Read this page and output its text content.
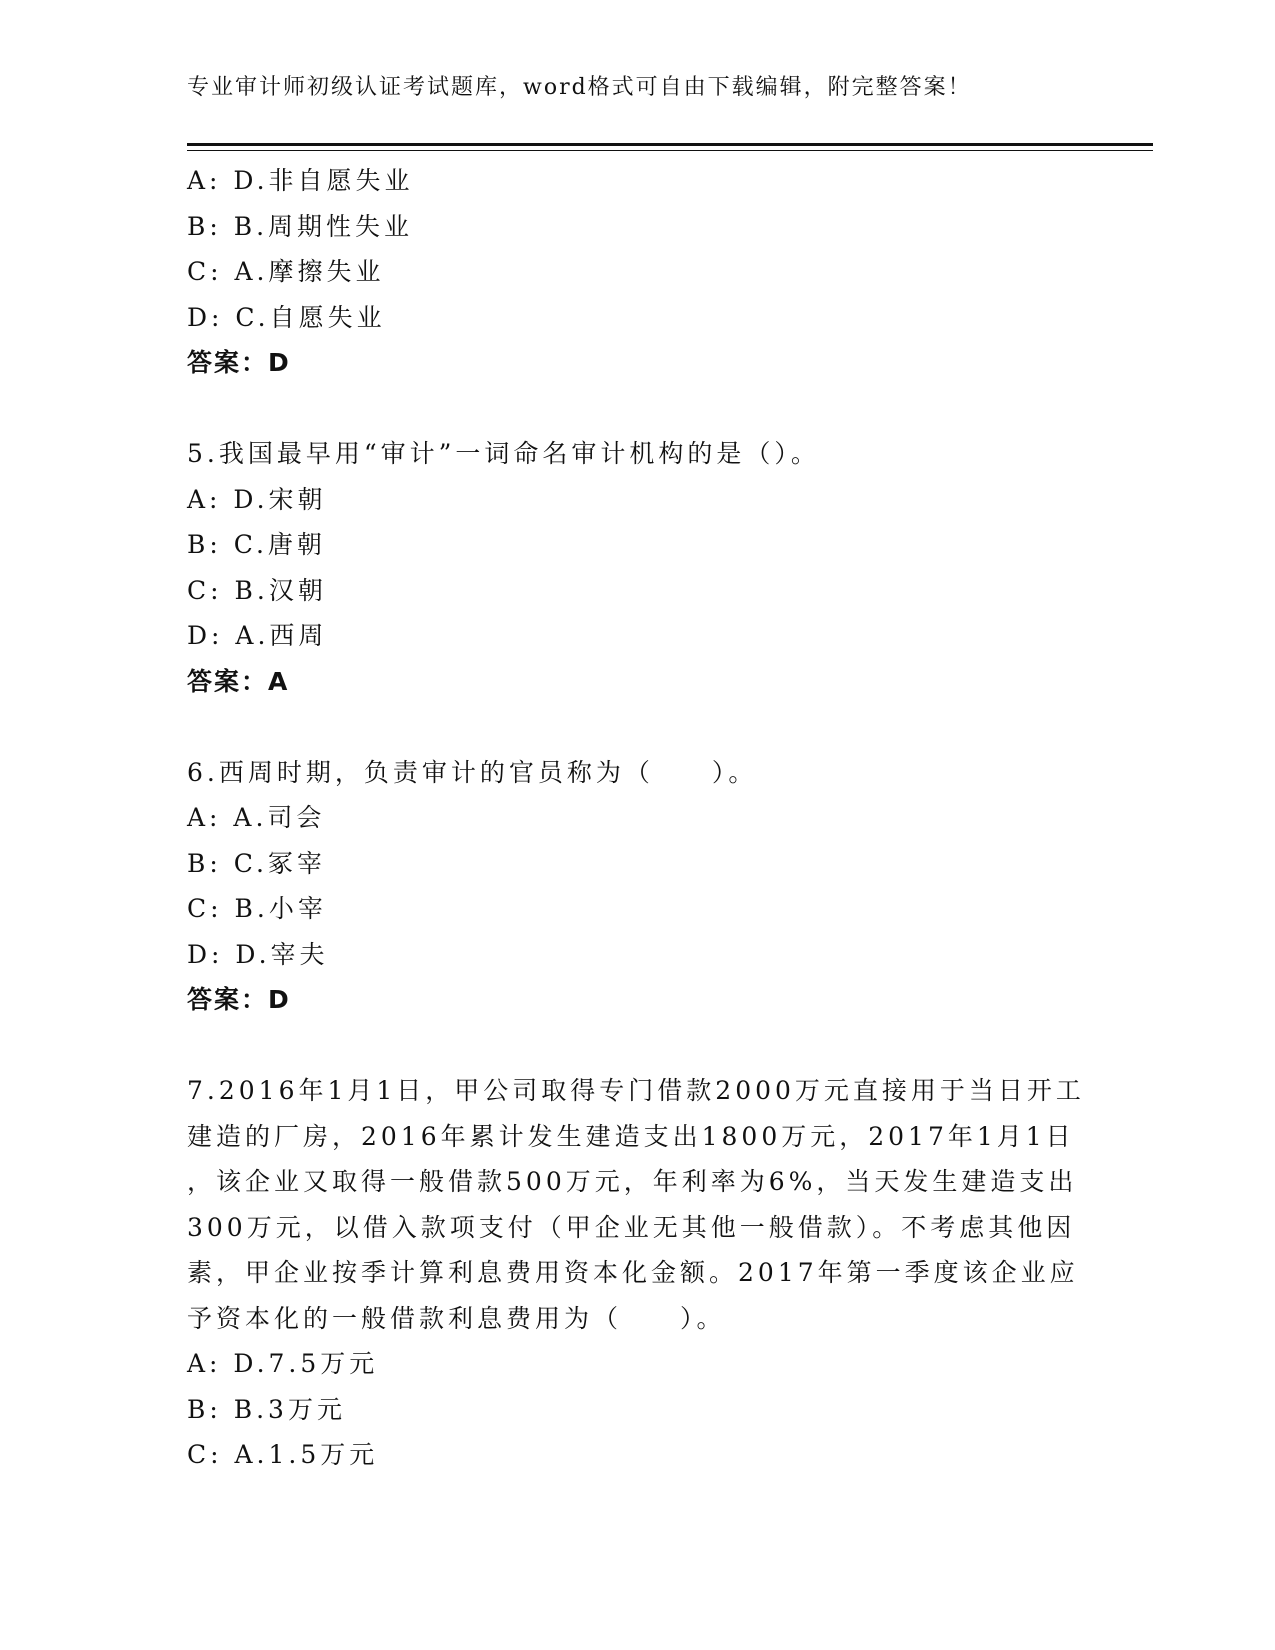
专业审计师初级认证考试题库，word格式可自由下载编辑，附完整答案！
A: D.非自愿失业
B: B.周期性失业
C: A.摩擦失业
D: C.自愿失业
答案：D
5.我国最早用“审计”一词命名审计机构的是（）。
A: D.宋朝
B: C.唐朝
C: B.汉朝
D: A.西周
答案：A
6.西周时期，负责审计的官员称为（　　）。
A: A.司会
B: C.冢宰
C: B.小宰
D: D.宰夫
答案：D
7.2016年1月1日，甲公司取得专门借款2000万元直接用于当日开工
建造的厂房，2016年累计发生建造支出1800万元，2017年1月1日
，该企业又取得一般借款500万元，年利率为6%，当天发生建造支出
300万元，以借入款项支付（甲企业无其他一般借款）。不考虑其他因
素，甲企业按季计算利息费用资本化金额。2017年第一季度该企业应
予资本化的一般借款利息费用为（　　）。
A: D.7.5万元
B: B.3万元
C: A.1.5万元
